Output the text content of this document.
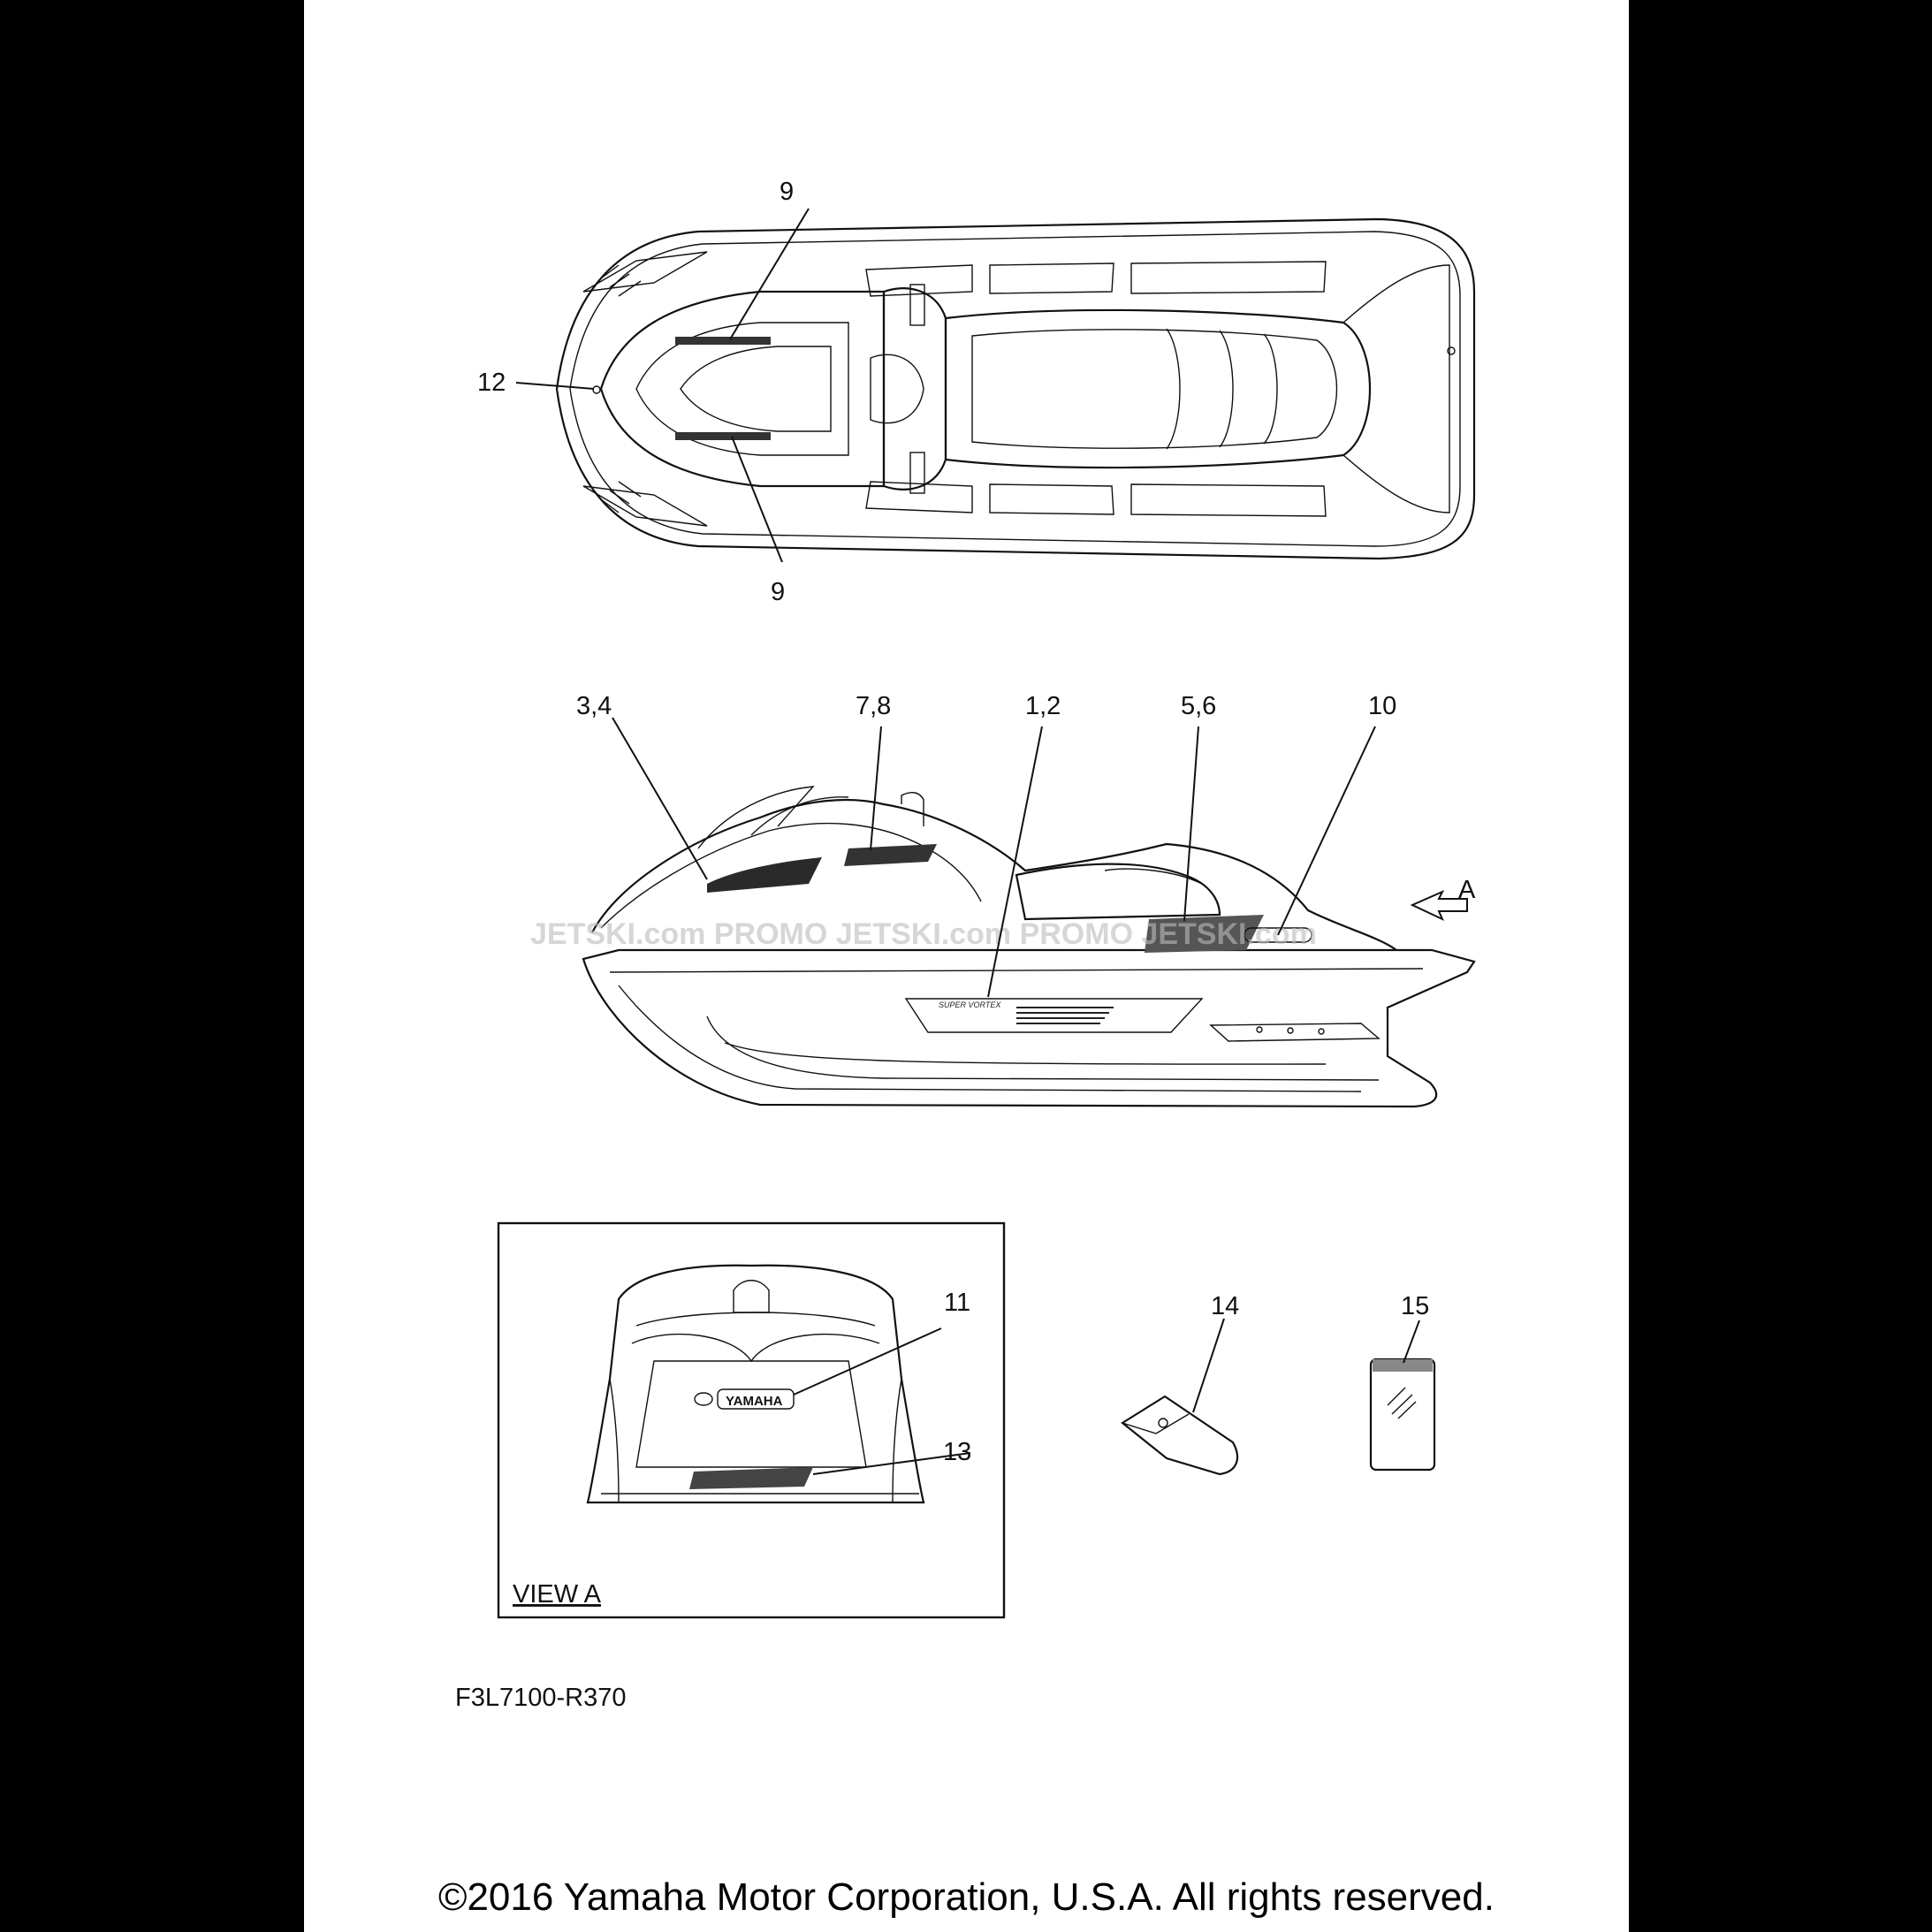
9
9
12
SUPER VORTEX
JETSKI.com PROMO JETSKI.com PROMO JETSKI.com
3,4	7,8	1,2	5,6	10
A
YAMAHA
11
13
VIEW A
14	15
F3L7100-R370
©2016 Yamaha Motor Corporation, U.S.A. All rights reserved.
